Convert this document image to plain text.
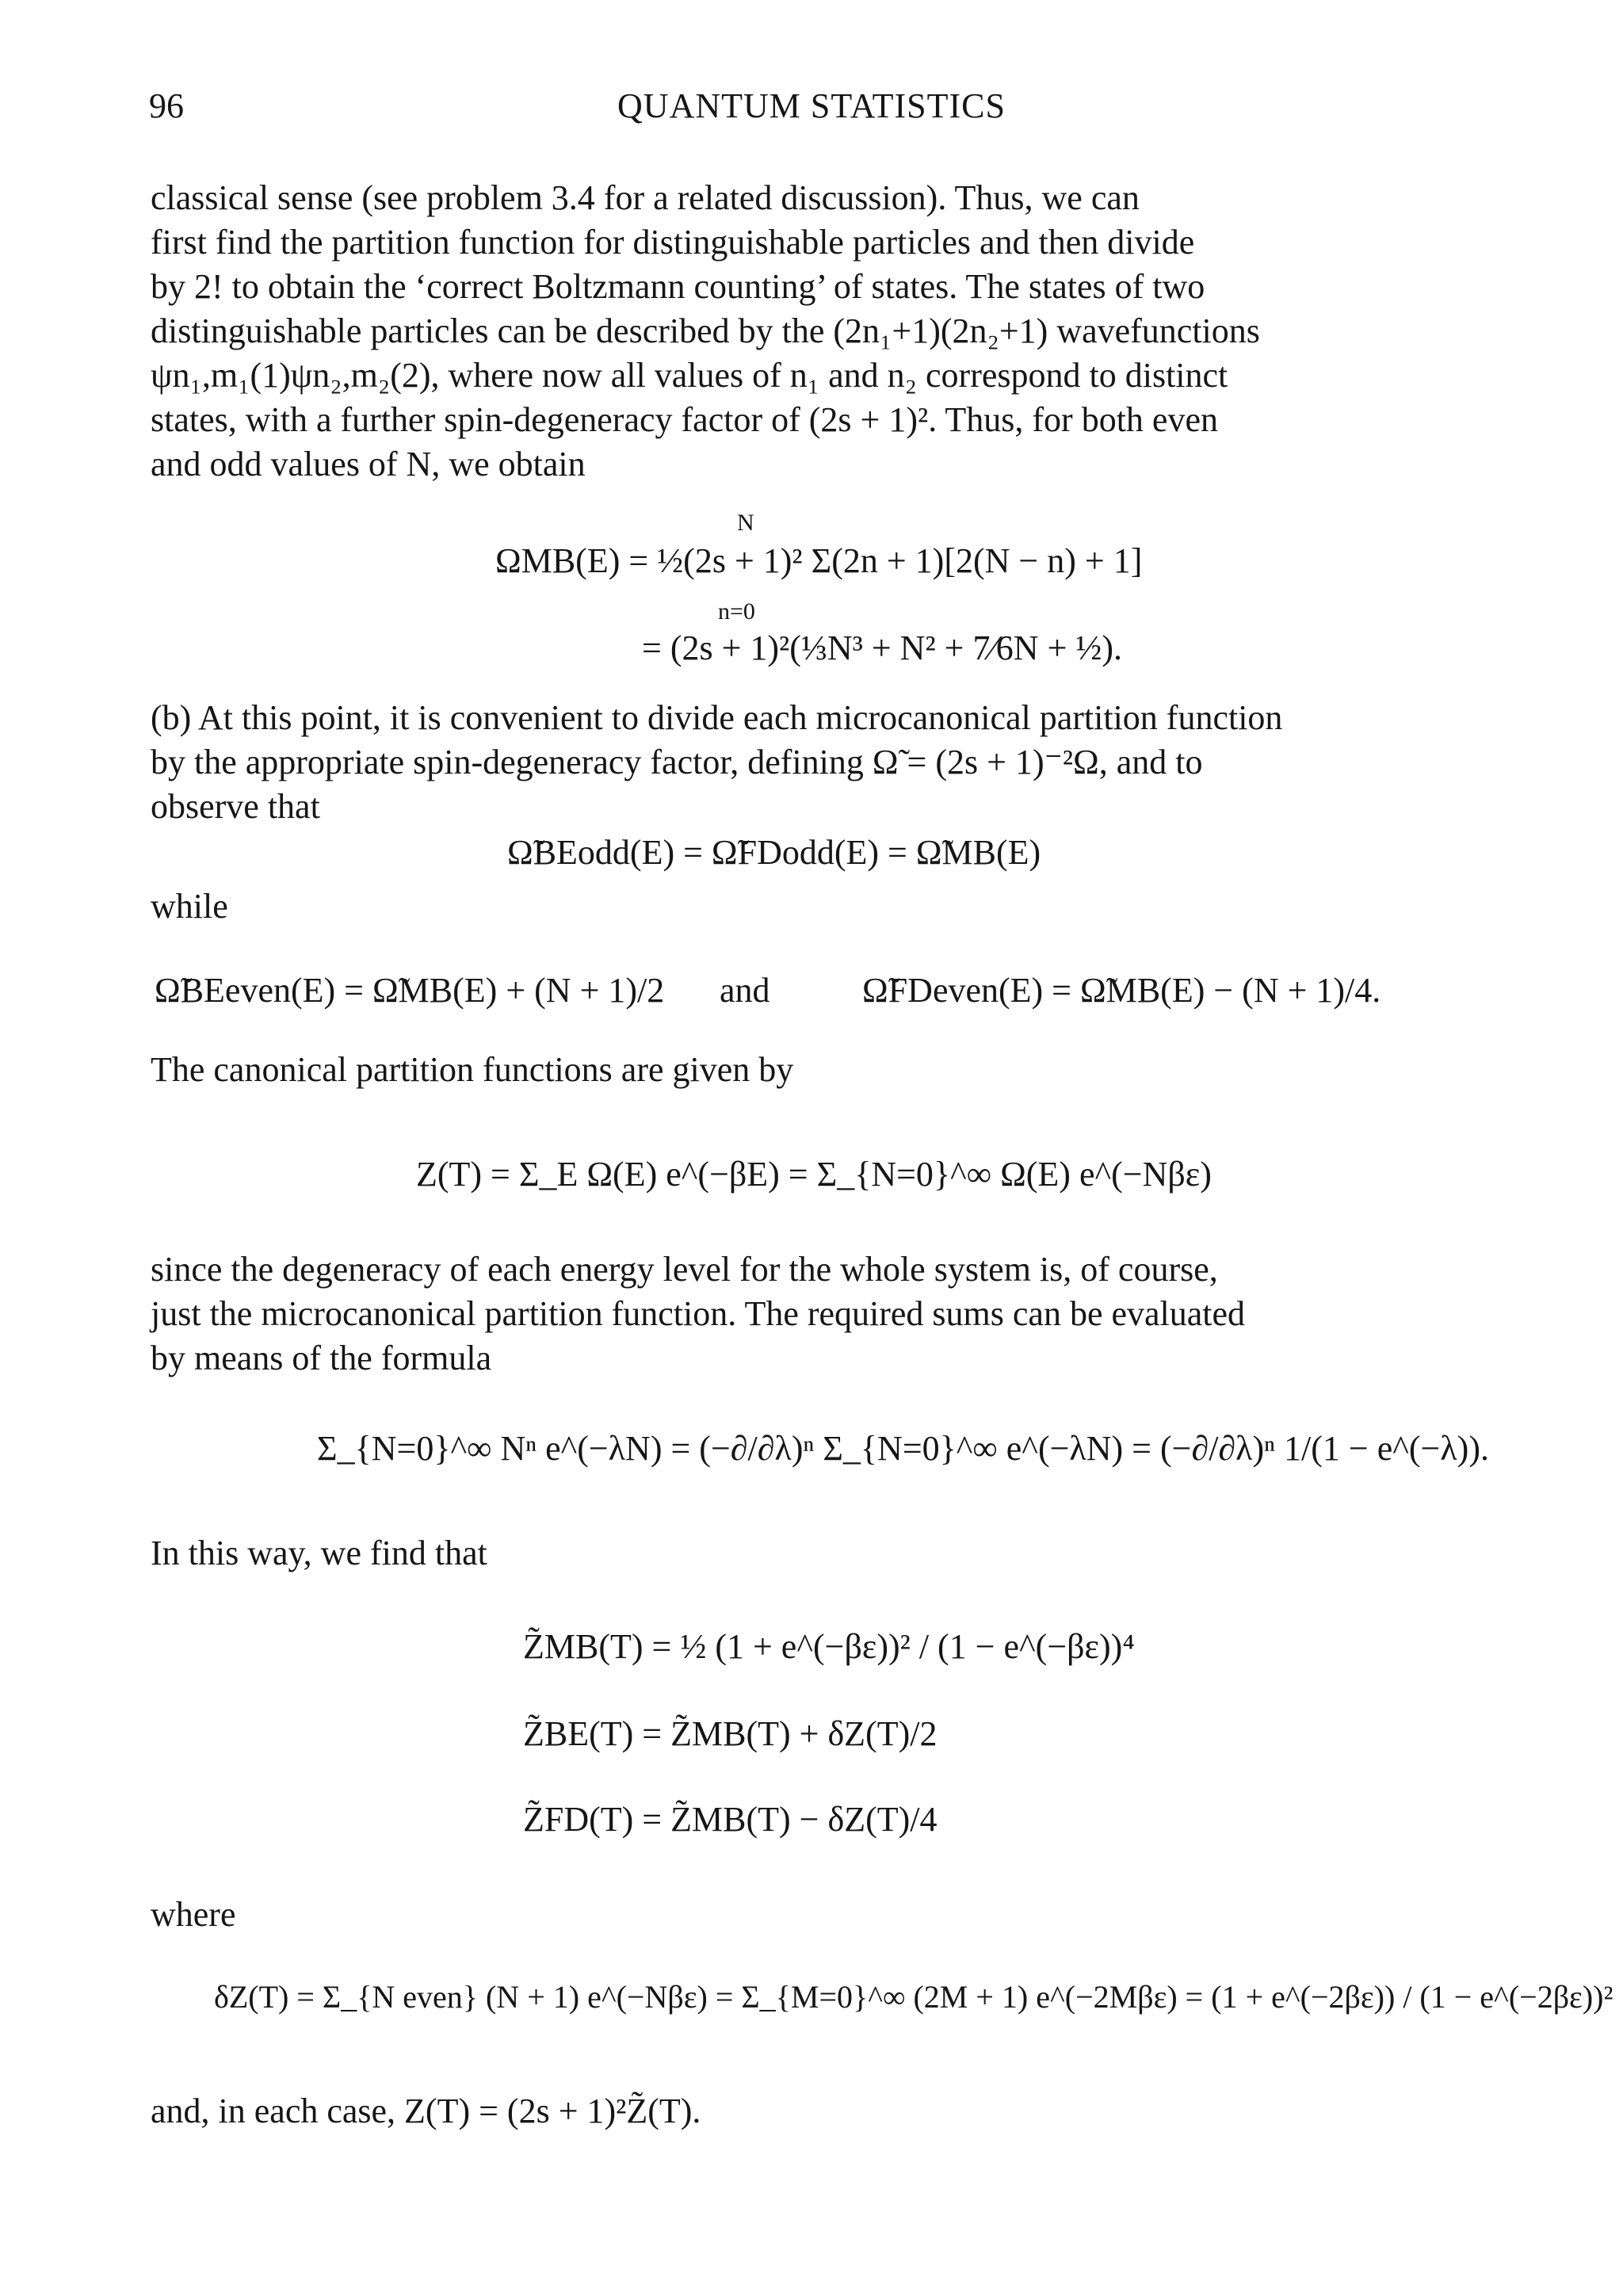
96	QUANTUM STATISTICS
classical sense (see problem 3.4 for a related discussion). Thus, we can
first find the partition function for distinguishable particles and then divide
by 2! to obtain the ‘correct Boltzmann counting’ of states. The states of two
distinguishable particles can be described by the (2n₁+1)(2n₂+1) wavefunctions
ψn₁,m₁(1)ψn₂,m₂(2), where now all values of n₁ and n₂ correspond to distinct
states, with a further spin-degeneracy factor of (2s + 1)². Thus, for both even
and odd values of N, we obtain
N
ΩMB(E) = ½(2s + 1)² Σ(2n + 1)[2(N − n) + 1]
n=0
= (2s + 1)²(⅓N³ + N² + 7⁄6N + ½).
(b) At this point, it is convenient to divide each microcanonical partition function
by the appropriate spin-degeneracy factor, defining Ω̃ = (2s + 1)⁻²Ω, and to
observe that
Ω̃BEodd(E) = Ω̃FDodd(E) = Ω̃MB(E)
while
Ω̃BEeven(E) = Ω̃MB(E) + (N + 1)/2 and	Ω̃FDeven(E) = Ω̃MB(E) − (N + 1)/4.
The canonical partition functions are given by
Z(T) = Σ_E Ω(E) e^(−βE) = Σ_{N=0}^∞ Ω(E) e^(−Nβε)
since the degeneracy of each energy level for the whole system is, of course,
just the microcanonical partition function. The required sums can be evaluated
by means of the formula
Σ_{N=0}^∞ Nⁿ e^(−λN) = (−∂/∂λ)ⁿ Σ_{N=0}^∞ e^(−λN) = (−∂/∂λ)ⁿ 1/(1 − e^(−λ)).
In this way, we find that
Z̃MB(T) = ½ (1 + e^(−βε))² / (1 − e^(−βε))⁴
Z̃BE(T) = Z̃MB(T) + δZ(T)/2
Z̃FD(T) = Z̃MB(T) − δZ(T)/4
where
δZ(T) = Σ_{N even} (N + 1) e^(−Nβε) = Σ_{M=0}^∞ (2M + 1) e^(−2Mβε) = (1 + e^(−2βε)) / (1 − e^(−2βε))²
and, in each case, Z(T) = (2s + 1)²Z̃(T).
